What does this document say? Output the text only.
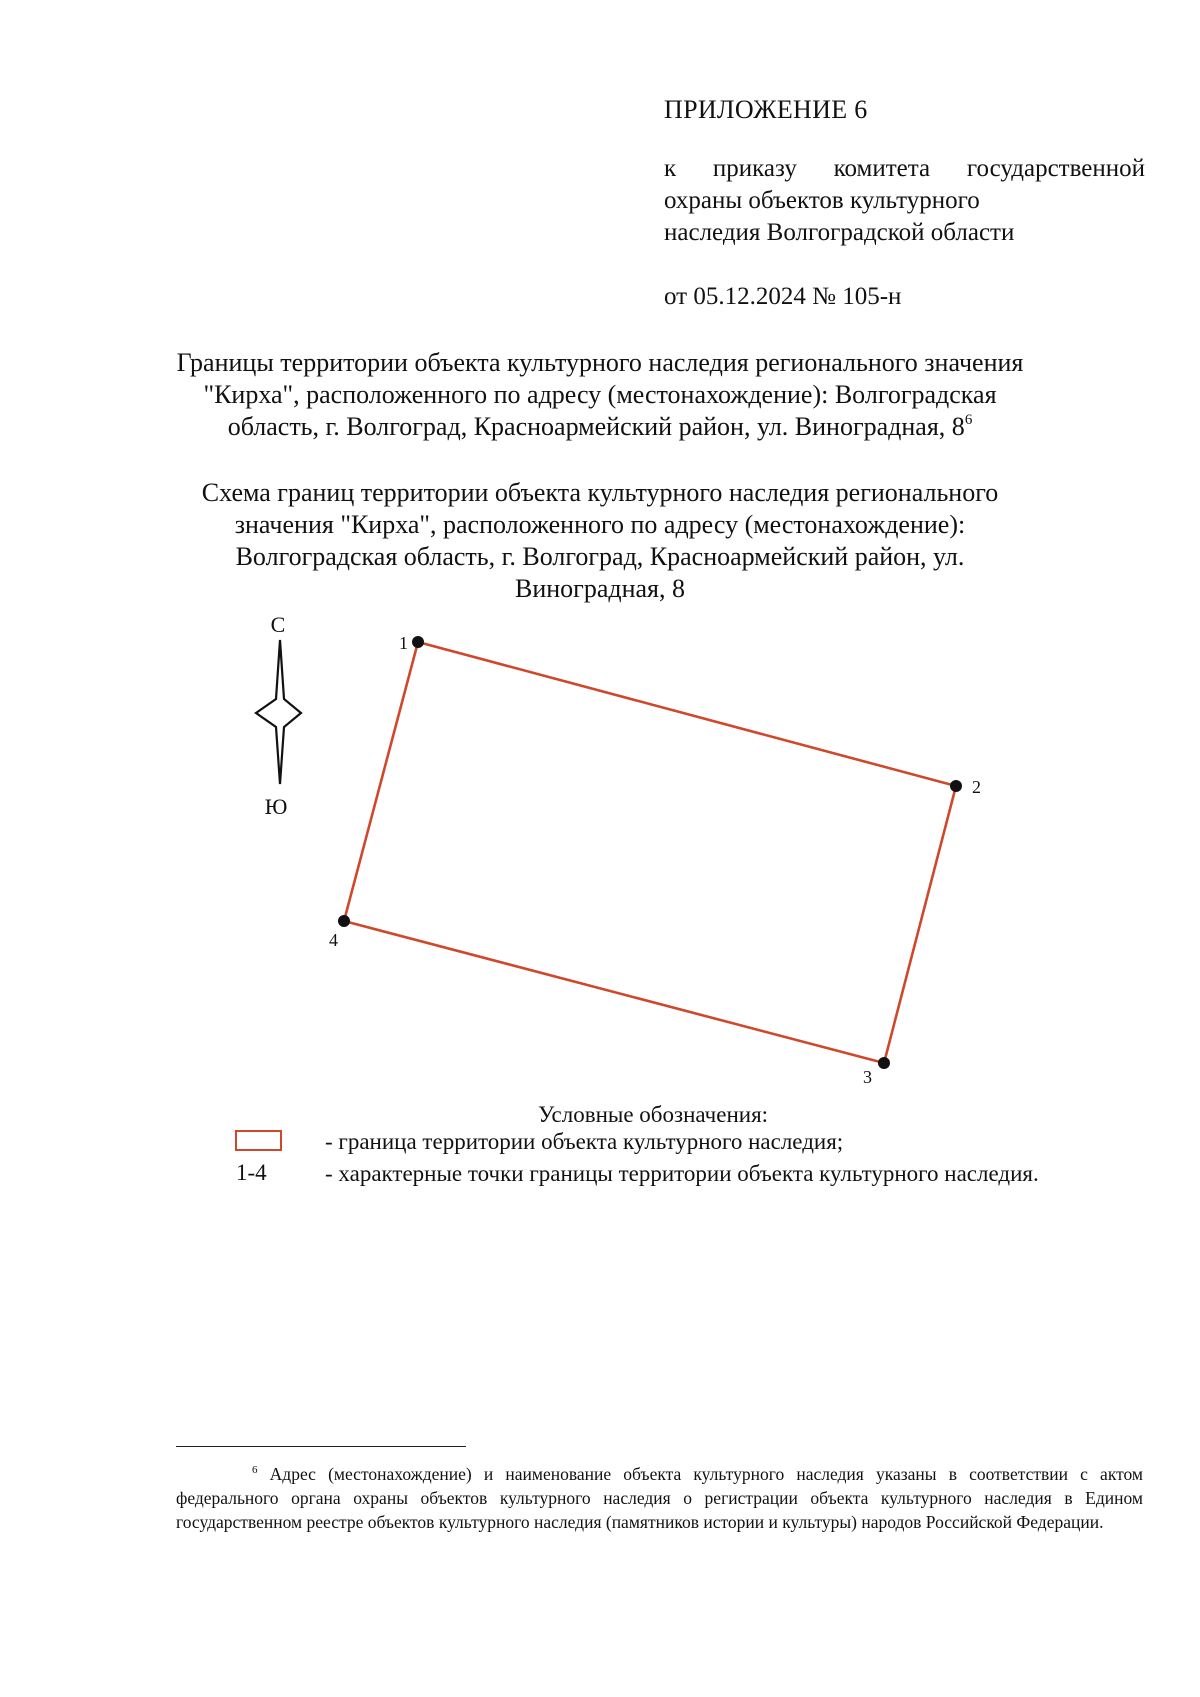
ПРИЛОЖЕНИЕ 6
к приказу комитета государственной
охраны объектов культурного
наследия Волгоградской области
от 05.12.2024 № 105-н
Границы территории объекта культурного наследия регионального значения
"Кирха", расположенного по адресу (местонахождение): Волгоградская
область, г. Волгоград, Красноармейский район, ул. Виноградная, $8^6$
Схема границ территории объекта культурного наследия регионального
значения "Кирха", расположенного по адресу (местонахождение):
Волгоградская область, г. Волгоград, Красноармейский район, ул.
Виноградная, 8
С
Ю
1
2
3
4
Условные обозначения:
- граница территории объекта культурного наследия;
1-4	- характерные точки границы территории объекта культурного наследия.
$^6$ Адрес (местонахождение) и наименование объекта культурного наследия указаны в соответствии с актом федерального органа охраны объектов культурного наследия о регистрации объекта культурного наследия в Едином государственном реестре объектов культурного наследия (памятников истории и культуры) народов Российской Федерации.
